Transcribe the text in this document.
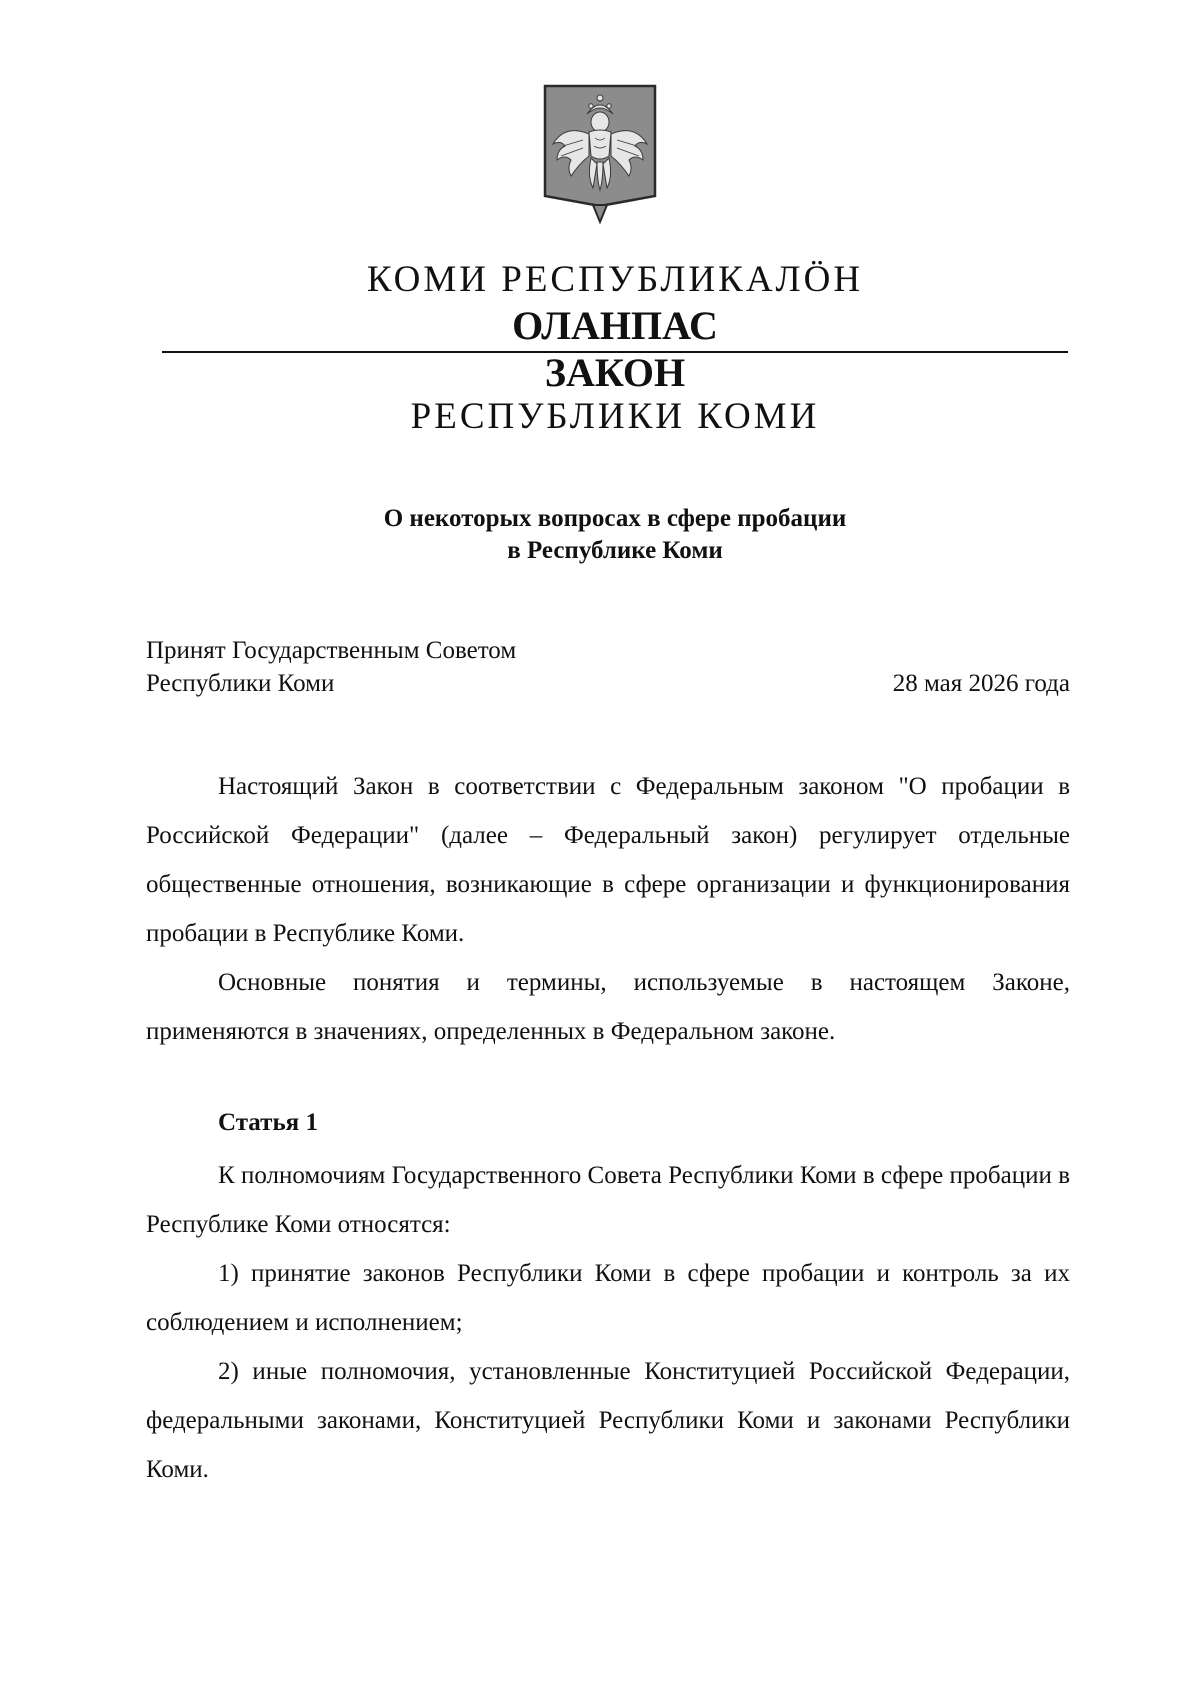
КОМИ РЕСПУБЛИКАЛÖН
ОЛАНПАС
ЗАКОН
РЕСПУБЛИКИ КОМИ
О некоторых вопросах в сфере пробации
в Республике Коми
Принят Государственным Советом
Республики Коми	28 мая 2026 года

Настоящий Закон в соответствии с Федеральным законом "О пробации в Российской Федерации" (далее – Федеральный закон) регулирует отдельные общественные отношения, возникающие в сфере организации и функционирования пробации в Республике Коми.

Основные понятия и термины, используемые в настоящем Законе, применяются в значениях, определенных в Федеральном законе.

Статья 1

К полномочиям Государственного Совета Республики Коми в сфере пробации в Республике Коми относятся:

1) принятие законов Республики Коми в сфере пробации и контроль за их соблюдением и исполнением;

2) иные полномочия, установленные Конституцией Российской Федерации, федеральными законами, Конституцией Республики Коми и законами Республики Коми.
